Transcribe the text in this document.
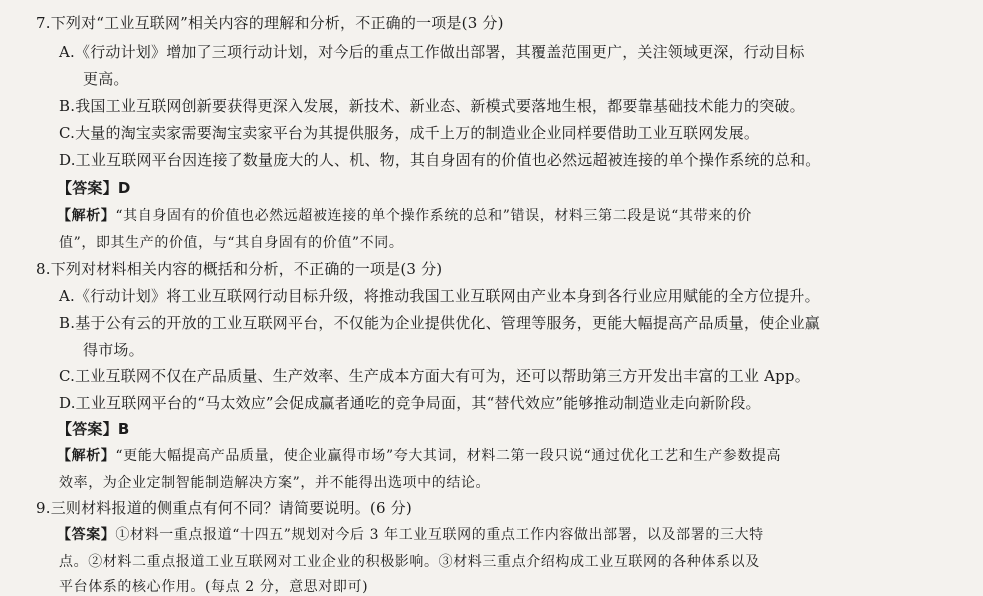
7.下列对“工业互联网”相关内容的理解和分析，不正确的一项是(3 分)
A.《行动计划》增加了三项行动计划，对今后的重点工作做出部署，其覆盖范围更广，关注领域更深，行动目标
更高。
B.我国工业互联网创新要获得更深入发展，新技术、新业态、新模式要落地生根，都要靠基础技术能力的突破。
C.大量的淘宝卖家需要淘宝卖家平台为其提供服务，成千上万的制造业企业同样要借助工业互联网发展。
D.工业互联网平台因连接了数量庞大的人、机、物，其自身固有的价值也必然远超被连接的单个操作系统的总和。
【答案】D
【解析】“其自身固有的价值也必然远超被连接的单个操作系统的总和”错误，材料三第二段是说“其带来的价
值”，即其生产的价值，与“其自身固有的价值”不同。
8.下列对材料相关内容的概括和分析，不正确的一项是(3 分)
A.《行动计划》将工业互联网行动目标升级，将推动我国工业互联网由产业本身到各行业应用赋能的全方位提升。
B.基于公有云的开放的工业互联网平台，不仅能为企业提供优化、管理等服务，更能大幅提高产品质量，使企业赢
得市场。
C.工业互联网不仅在产品质量、生产效率、生产成本方面大有可为，还可以帮助第三方开发出丰富的工业 App。
D.工业互联网平台的“马太效应”会促成赢者通吃的竞争局面，其“替代效应”能够推动制造业走向新阶段。
【答案】B
【解析】“更能大幅提高产品质量，使企业赢得市场”夸大其词，材料二第一段只说“通过优化工艺和生产参数提高
效率，为企业定制智能制造解决方案”，并不能得出选项中的结论。
9.三则材料报道的侧重点有何不同？请简要说明。(6 分)
【答案】①材料一重点报道“十四五”规划对今后 3 年工业互联网的重点工作内容做出部署，以及部署的三大特
点。②材料二重点报道工业互联网对工业企业的积极影响。③材料三重点介绍构成工业互联网的各种体系以及
平台体系的核心作用。(每点 2 分，意思对即可)
